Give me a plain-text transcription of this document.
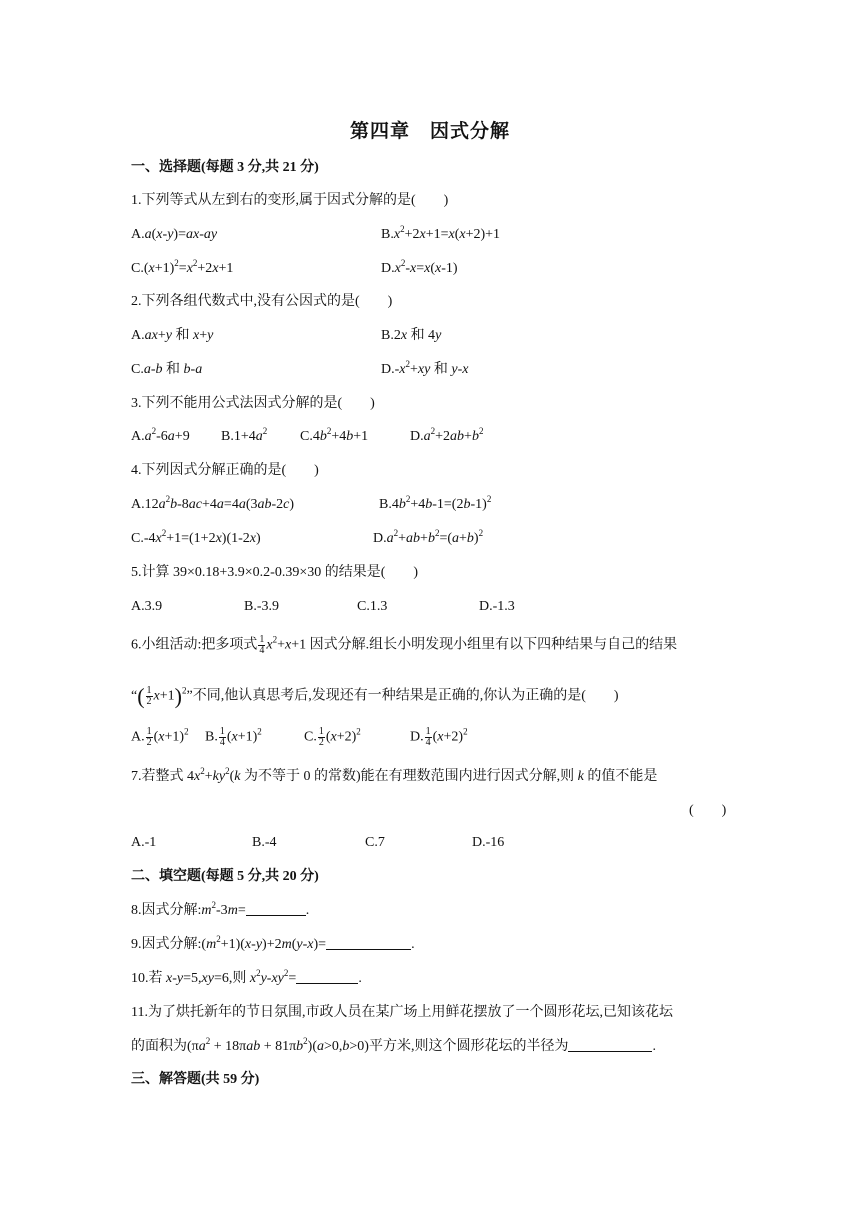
第四章　因式分解
一、选择题(每题 3 分,共 21 分)
1.下列等式从左到右的变形,属于因式分解的是(　　)
A.a(x-y)=ax-ay	$B.x^2+2x+1=x(x+2)+1$
$C.(x+1)^2=x^2+2x+1$	$D.x^2-x=x(x-1)$
2.下列各组代数式中,没有公因式的是(　　)
A.ax+y 和 x+y	B.2x 和 4y
C.a-b 和 b-a	$D.-x^2+xy$ 和 y-x
3.下列不能用公式法因式分解的是(　　)
$A.a^2-6a+9$ $B.1+4a^2$ $C.4b^2+4b+1$	$D.a^2+2ab+b^2$
4.下列因式分解正确的是(　　)
$A.12a^2b-8ac+4a=4a(3ab-2c)$	$B.4b^2+4b-1=(2b-1)^2$
$C.-4x^2+1=(1+2x)(1-2x)$	$D.a^2+ab+b^2=(a+b)^2$
5.计算 39×0.18+3.9×0.2-0.39×30 的结果是(　　)
A.3.9	B.-3.9	C.1.3	D.-1.3
6.小组活动:把多项式 $\frac{1}{4} x^2+x+1$ 因式分解.组长小明发现小组里有以下四种结果与自己的结果
“( $\frac{1}{2} x+1)^2$”不同,他认真思考后,发现还有一种结果是正确的,你认为正确的是(　　)
A. $\frac{1}{2} (x+1)^2$ B. $\frac{1}{4} (x+1)^2$	C. $\frac{1}{2} (x+2)^2$	D. $\frac{1}{4} (x+2)^2$
7.若整式 $4x^2+ky^2(k$ 为不等于 0 的常数)能在有理数范围内进行因式分解,则 k 的值不能是
(　　)
A.-1	B.-4	C.7	D.-16
二、填空题(每题 5 分,共 20 分)
8.因式分解$:m^2-3m=$	.
9.因式分解$:(m^2+1)(x-y)+2m(y-x)=$	.
10.若 x-y=5,xy=6,则 $x^2y-xy^2=$	.
11.为了烘托新年的节日氛围,市政人员在某广场上用鲜花摆放了一个圆形花坛,已知该花坛
的面积为$(\pi a^2 + 18\pi ab + 81\pi b^2)(a>0,b>0)$平方米,则这个圆形花坛的半径为	.
三、解答题(共 59 分)
